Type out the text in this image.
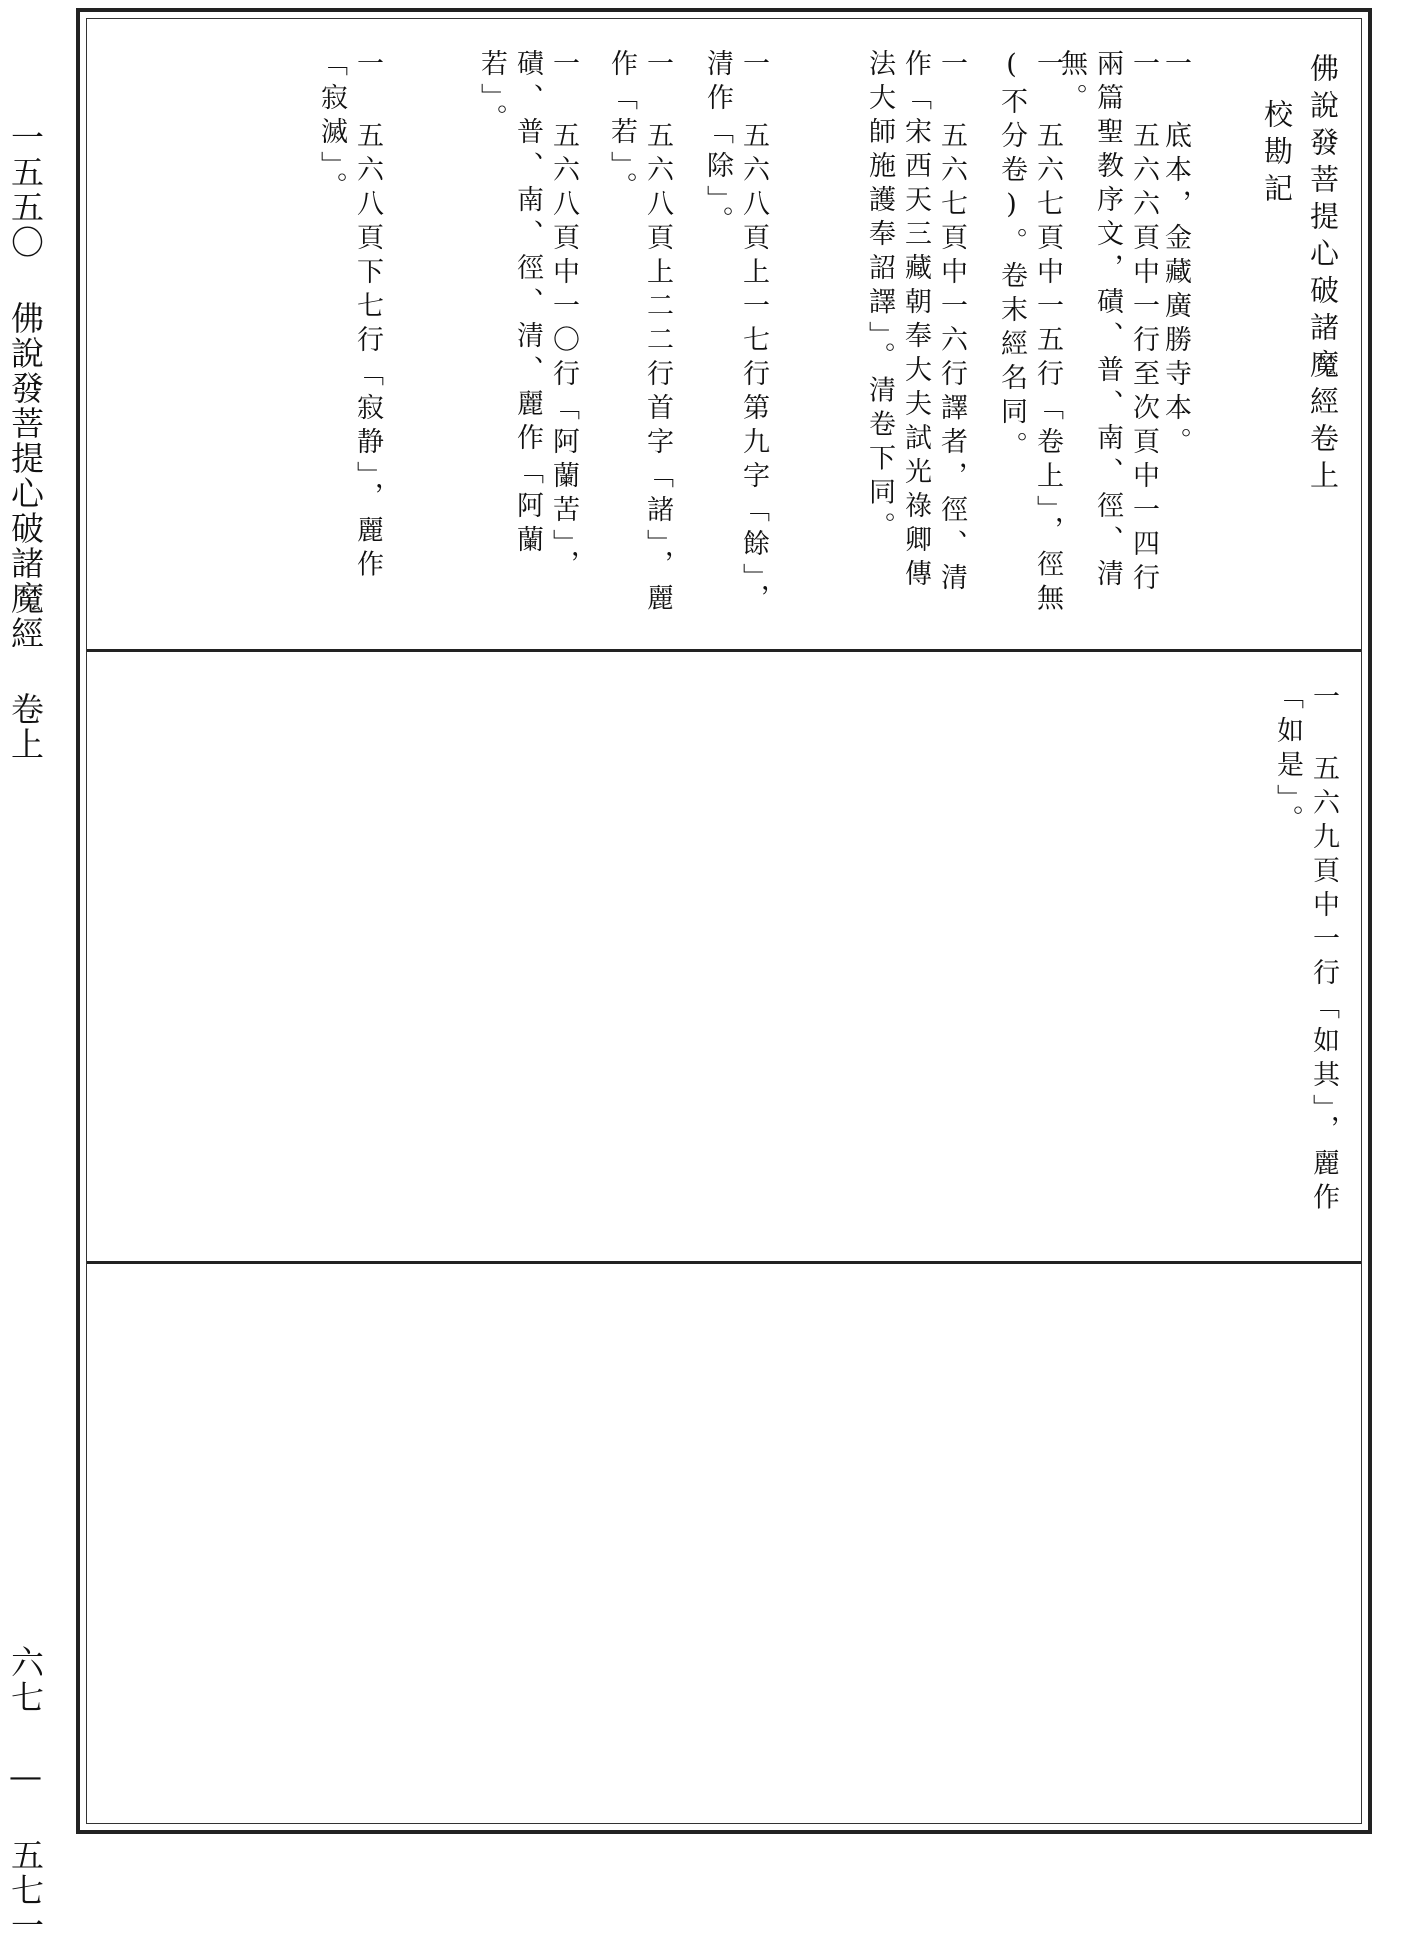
一五五〇 佛說發菩提心破諸魔經 卷上
六七 — 五七一
佛說發菩提心破諸魔經卷上
校勘記
一 底本，金藏廣勝寺本。
一 五六六頁中一行至次頁中一四行兩篇聖教序文，磧、普、南、徑、清無。
一 五六七頁中一五行「卷上」，徑無(不分卷)。卷末經名同。
一 五六七頁中一六行譯者，徑、清作「宋西天三藏朝奉大夫試光祿卿傳法大師施護奉詔譯」。清卷下同。
一 五六八頁上一七行第九字「餘」，清作「除」。
一 五六八頁上二二行首字「諸」，麗作「若」。
一 五六八頁中一〇行「阿蘭苦」，磧、普、南、徑、清、麗作「阿蘭若」。
一 五六八頁下七行「寂静」，麗作「寂滅」。
一 五六九頁中一行「如其」，麗作「如是」。
